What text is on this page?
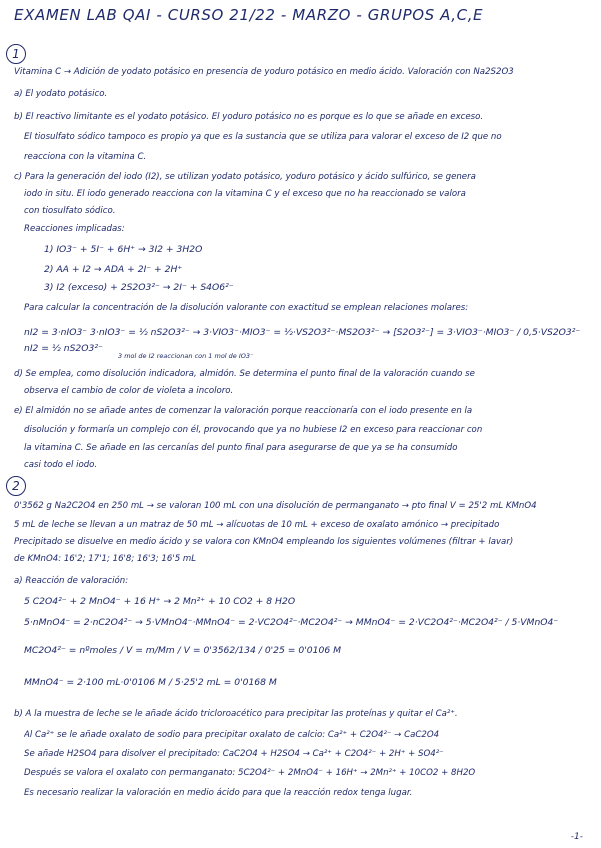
EXAMEN LAB QAI - CURSO 21/22 - MARZO - GRUPOS A,C,E
1
Vitamina C → Adición de yodato potásico en presencia de yoduro potásico en medio ácido. Valoración con Na2S2O3
a) El yodato potásico.
b) El reactivo limitante es el yodato potásico. El yoduro potásico no es porque es lo que se añade en exceso.
El tiosulfato sódico tampoco es propio ya que es la sustancia que se utiliza para valorar el exceso de I2 que no
reacciona con la vitamina C.
c) Para la generación del iodo (I2), se utilizan yodato potásico, yoduro potásico y ácido sulfúrico, se genera
iodo in situ. El iodo generado reacciona con la vitamina C y el exceso que no ha reaccionado se valora
con tiosulfato sódico.
Reacciones implicadas:
1) IO3⁻ + 5I⁻ + 6H⁺ → 3I2 + 3H2O
2) AA + I2 → ADA + 2I⁻ + 2H⁺
3) I2 (exceso) + 2S2O3²⁻ → 2I⁻ + S4O6²⁻
Para calcular la concentración de la disolución valorante con exactitud se emplean relaciones molares:
nI2 = 3·nIO3⁻ 3·nIO3⁻ = ½ nS2O3²⁻ → 3·VIO3⁻·MIO3⁻ = ½·VS2O3²⁻·MS2O3²⁻ → [S2O3²⁻] = 3·VIO3⁻·MIO3⁻ / 0,5·VS2O3²⁻
nI2 = ½ nS2O3²⁻
3 mol de I2 reaccionan con 1 mol de IO3⁻
d) Se emplea, como disolución indicadora, almidón. Se determina el punto final de la valoración cuando se
observa el cambio de color de violeta a incoloro.
e) El almidón no se añade antes de comenzar la valoración porque reaccionaría con el iodo presente en la
disolución y formaría un complejo con él, provocando que ya no hubiese I2 en exceso para reaccionar con
la vitamina C. Se añade en las cercanías del punto final para asegurarse de que ya se ha consumido
casi todo el iodo.
2
0'3562 g Na2C2O4 en 250 mL → se valoran 100 mL con una disolución de permanganato → pto final V = 25'2 mL KMnO4
5 mL de leche se llevan a un matraz de 50 mL → alícuotas de 10 mL + exceso de oxalato amónico → precipitado
Precipitado se disuelve en medio ácido y se valora con KMnO4 empleando los siguientes volúmenes (filtrar + lavar)
de KMnO4: 16'2; 17'1; 16'8; 16'3; 16'5 mL
a) Reacción de valoración:
5 C2O4²⁻ + 2 MnO4⁻ + 16 H⁺ → 2 Mn²⁺ + 10 CO2 + 8 H2O
5·nMnO4⁻ = 2·nC2O4²⁻ → 5·VMnO4⁻·MMnO4⁻ = 2·VC2O4²⁻·MC2O4²⁻ → MMnO4⁻ = 2·VC2O4²⁻·MC2O4²⁻ / 5·VMnO4⁻
MC2O4²⁻ = nºmoles / V = m/Mm / V = 0'3562/134 / 0'25 = 0'0106 M
MMnO4⁻ = 2·100 mL·0'0106 M / 5·25'2 mL = 0'0168 M
b) A la muestra de leche se le añade ácido tricloroacético para precipitar las proteínas y quitar el Ca²⁺.
Al Ca²⁺ se le añade oxalato de sodio para precipitar oxalato de calcio: Ca²⁺ + C2O4²⁻ → CaC2O4
Se añade H2SO4 para disolver el precipitado: CaC2O4 + H2SO4 → Ca²⁺ + C2O4²⁻ + 2H⁺ + SO4²⁻
Después se valora el oxalato con permanganato: 5C2O4²⁻ + 2MnO4⁻ + 16H⁺ → 2Mn²⁺ + 10CO2 + 8H2O
Es necesario realizar la valoración en medio ácido para que la reacción redox tenga lugar.
-1-
